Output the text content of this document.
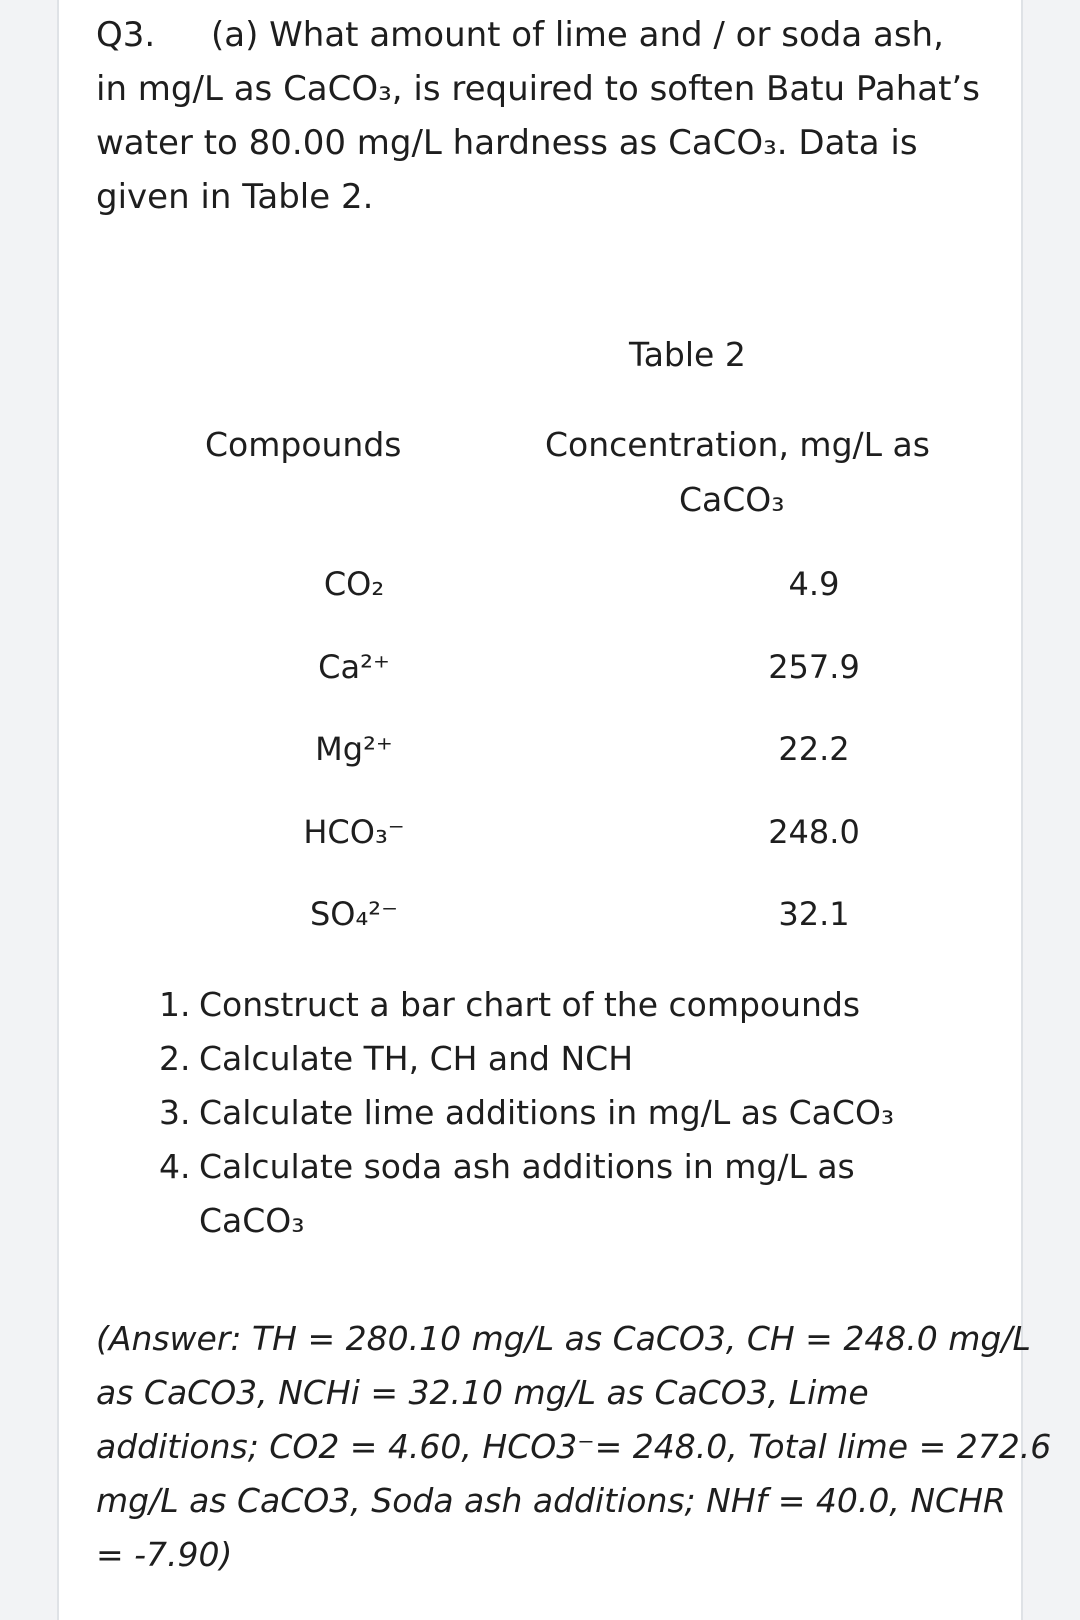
Q3. (a) What amount of lime and / or soda ash,
in mg/L as CaCO₃, is required to soften Batu Pahat’s
water to 80.00 mg/L hardness as CaCO₃. Data is
given in Table 2.
Table 2
Compounds	Concentration, mg/L as
CaCO₃
CO₂	4.9
Ca²⁺	257.9
Mg²⁺	22.2
HCO₃⁻	248.0
SO₄²⁻	32.1
1. Construct a bar chart of the compounds
2. Calculate TH, CH and NCH
3. Calculate lime additions in mg/L as CaCO₃
4. Calculate soda ash additions in mg/L as
CaCO₃
(Answer: TH = 280.10 mg/L as CaCO3, CH = 248.0 mg/L
as CaCO3, NCHi = 32.10 mg/L as CaCO3, Lime
additions; CO2 = 4.60, HCO3⁻= 248.0, Total lime = 272.6
mg/L as CaCO3, Soda ash additions; NHf = 40.0, NCHR
= -7.90)
